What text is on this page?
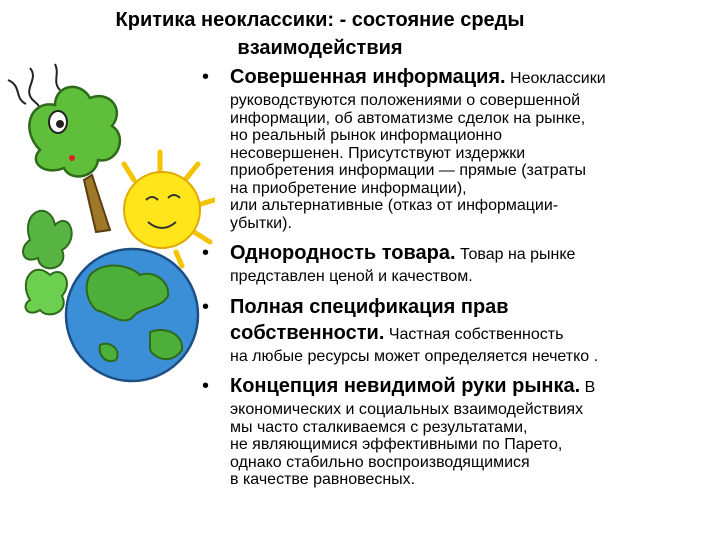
Критика неоклассики: - состояние среды
взаимодействия
• Совершенная информация. Неоклассики
руководствуются положениями о совершенной
информации, об автоматизме сделок на рынке,
но реальный рынок информационно
несовершенен. Присутствуют издержки
приобретения информации — прямые (затраты
на приобретение информации),
или альтернативные (отказ от информации-
убытки).
• Однородность товара. Товар на рынке
представлен ценой и качеством.
• Полная спецификация прав
собственности. Частная собственность
на любые ресурсы может определяется нечетко .
• Концепция невидимой руки рынка. В
экономических и социальных взаимодействиях
мы часто сталкиваемся с результатами,
не являющимися эффективными по Парето,
однако стабильно воспроизводящимися
в качестве равновесных.
